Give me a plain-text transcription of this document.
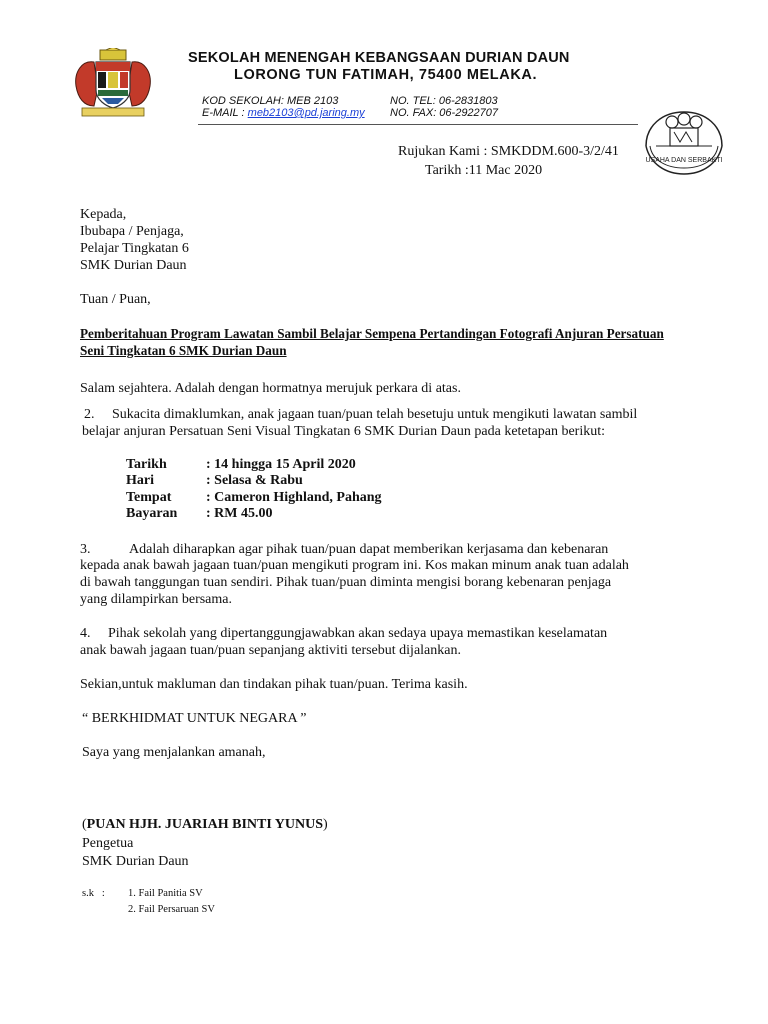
SEKOLAH MENENGAH KEBANGSAAN DURIAN DAUN
LORONG TUN FATIMAH, 75400 MELAKA.
KOD SEKOLAH: MEB 2103	NO. TEL: 06-2831803
E-MAIL : meb2103@pd.jaring.my NO. FAX: 06-2922707
USAHA DAN SERBAKTI
Rujukan Kami : SMKDDM.600-3/2/41
Tarikh :11 Mac 2020
Kepada,
Ibubapa / Penjaga,
Pelajar Tingkatan 6
SMK Durian Daun
Tuan / Puan,
Pemberitahuan Program Lawatan Sambil Belajar Sempena Pertandingan Fotografi Anjuran Persatuan
Seni Tingkatan 6 SMK Durian Daun
Salam sejahtera. Adalah dengan hormatnya merujuk perkara di atas.
2.     Sukacita dimaklumkan, anak jagaan tuan/puan telah besetuju untuk mengikuti lawatan sambil
belajar anjuran Persatuan Seni Visual Tingkatan 6 SMK Durian Daun pada ketetapan berikut:
Tarikh	: 14 hingga 15 April 2020
Hari	: Selasa & Rabu
Tempat : Cameron Highland, Pahang
Bayaran : RM 45.00
3.	Adalah diharapkan agar pihak tuan/puan dapat memberikan kerjasama dan kebenaran
kepada anak bawah jagaan tuan/puan mengikuti program ini. Kos makan minum anak tuan adalah
di bawah tanggungan tuan sendiri. Pihak tuan/puan diminta mengisi borang kebenaran penjaga
yang dilampirkan bersama.
4.     Pihak sekolah yang dipertanggungjawabkan akan sedaya upaya memastikan keselamatan
anak bawah jagaan tuan/puan sepanjang aktiviti tersebut dijalankan.
Sekian,untuk makluman dan tindakan pihak tuan/puan. Terima kasih.
“ BERKHIDMAT UNTUK NEGARA ”
Saya yang menjalankan amanah,
(PUAN HJH. JUARIAH BINTI YUNUS)
Pengetua
SMK Durian Daun
s.k   : 1. Fail Panitia SV
2. Fail Persaruan SV
